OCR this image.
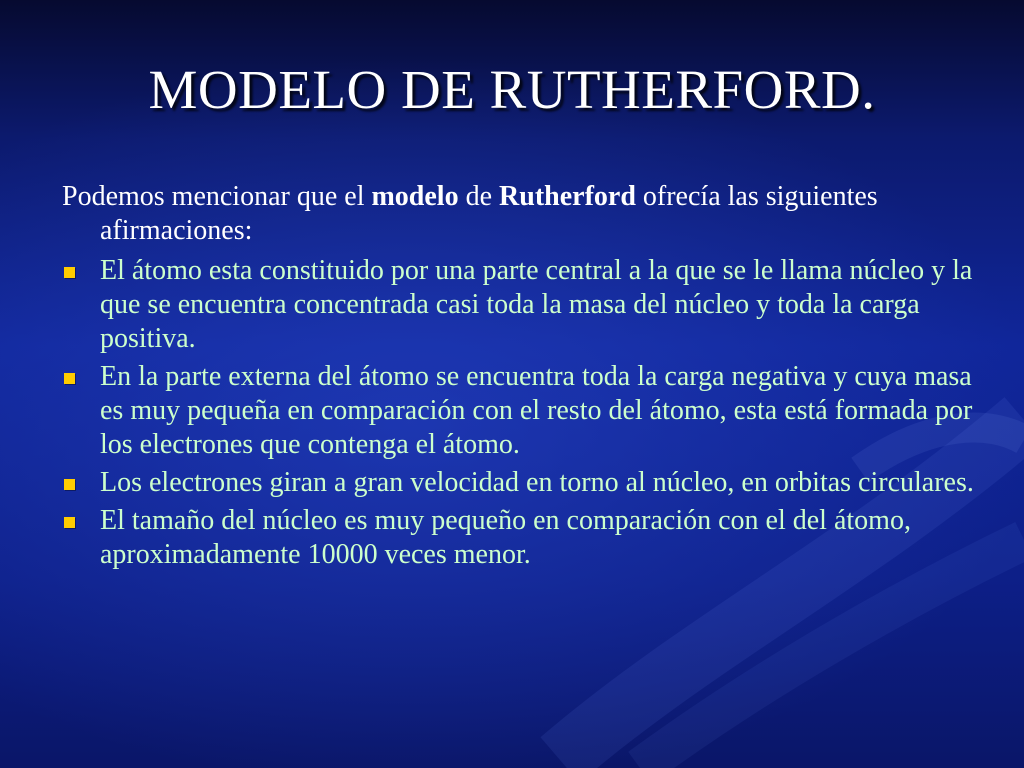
MODELO DE RUTHERFORD.

Podemos mencionar que el modelo de Rutherford ofrecía las siguientes afirmaciones:

El átomo esta constituido por una parte central a la que se le llama núcleo y la que se encuentra concentrada casi toda la masa del núcleo y toda la carga positiva.
En la parte externa del átomo se encuentra toda la carga negativa y cuya masa es muy pequeña en comparación con el resto del átomo, esta está formada por los electrones que contenga el átomo.
Los electrones giran a gran velocidad en torno al núcleo, en orbitas circulares.
El tamaño del núcleo es muy pequeño en comparación con el del átomo, aproximadamente 10000 veces menor.
